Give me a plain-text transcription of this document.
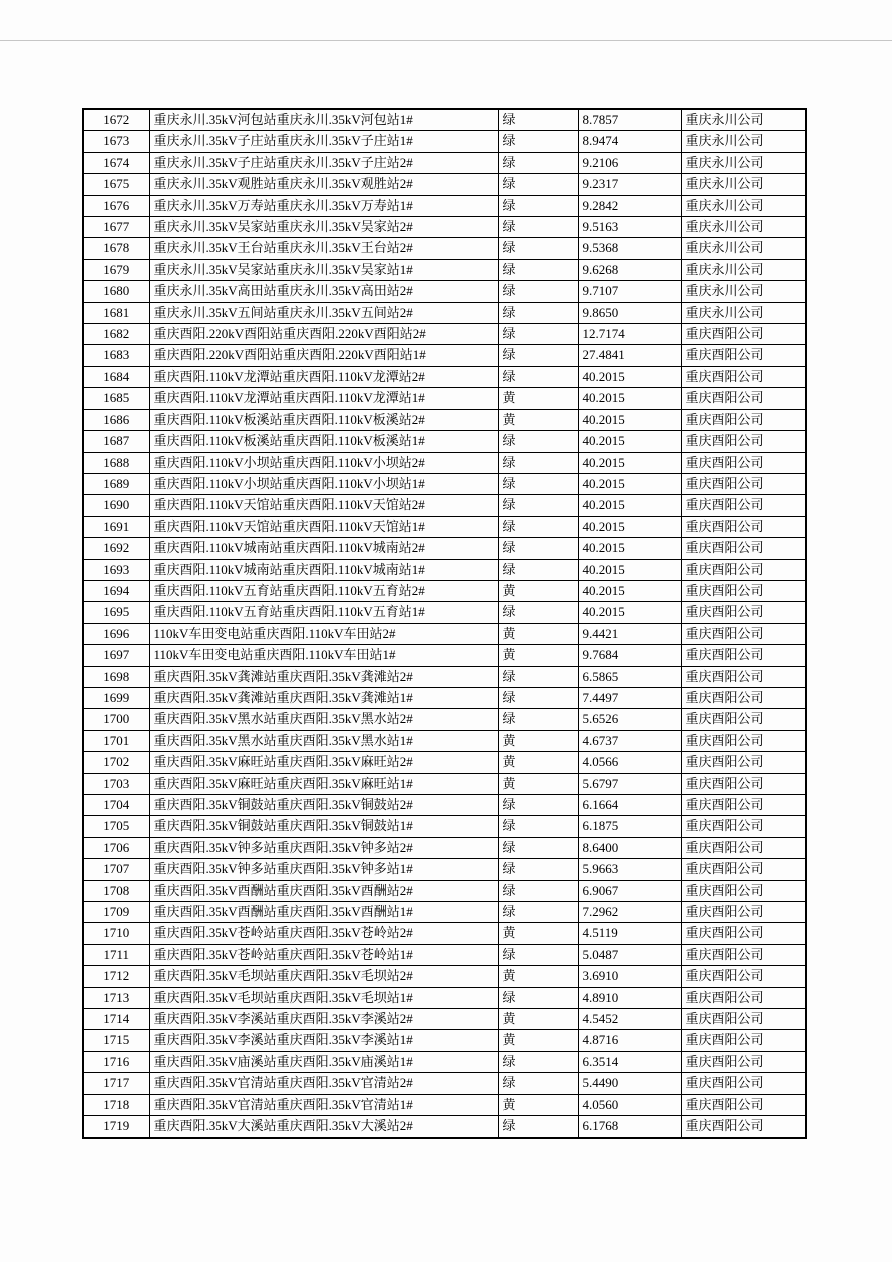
1672	重庆永川.35kV河包站重庆永川.35kV河包站1#	绿	8.7857	重庆永川公司
1673	重庆永川.35kV子庄站重庆永川.35kV子庄站1#	绿	8.9474	重庆永川公司
1674	重庆永川.35kV子庄站重庆永川.35kV子庄站2#	绿	9.2106	重庆永川公司
1675	重庆永川.35kV观胜站重庆永川.35kV观胜站2#	绿	9.2317	重庆永川公司
1676	重庆永川.35kV万寿站重庆永川.35kV万寿站1#	绿	9.2842	重庆永川公司
1677	重庆永川.35kV吴家站重庆永川.35kV吴家站2#	绿	9.5163	重庆永川公司
1678	重庆永川.35kV王台站重庆永川.35kV王台站2#	绿	9.5368	重庆永川公司
1679	重庆永川.35kV吴家站重庆永川.35kV吴家站1#	绿	9.6268	重庆永川公司
1680	重庆永川.35kV高田站重庆永川.35kV高田站2#	绿	9.7107	重庆永川公司
1681	重庆永川.35kV五间站重庆永川.35kV五间站2#	绿	9.8650	重庆永川公司
1682	重庆酉阳.220kV酉阳站重庆酉阳.220kV酉阳站2#	绿	12.7174	重庆酉阳公司
1683	重庆酉阳.220kV酉阳站重庆酉阳.220kV酉阳站1#	绿	27.4841	重庆酉阳公司
1684	重庆酉阳.110kV龙潭站重庆酉阳.110kV龙潭站2#	绿	40.2015	重庆酉阳公司
1685	重庆酉阳.110kV龙潭站重庆酉阳.110kV龙潭站1#	黄	40.2015	重庆酉阳公司
1686	重庆酉阳.110kV板溪站重庆酉阳.110kV板溪站2#	黄	40.2015	重庆酉阳公司
1687	重庆酉阳.110kV板溪站重庆酉阳.110kV板溪站1#	绿	40.2015	重庆酉阳公司
1688	重庆酉阳.110kV小坝站重庆酉阳.110kV小坝站2#	绿	40.2015	重庆酉阳公司
1689	重庆酉阳.110kV小坝站重庆酉阳.110kV小坝站1#	绿	40.2015	重庆酉阳公司
1690	重庆酉阳.110kV天馆站重庆酉阳.110kV天馆站2#	绿	40.2015	重庆酉阳公司
1691	重庆酉阳.110kV天馆站重庆酉阳.110kV天馆站1#	绿	40.2015	重庆酉阳公司
1692	重庆酉阳.110kV城南站重庆酉阳.110kV城南站2#	绿	40.2015	重庆酉阳公司
1693	重庆酉阳.110kV城南站重庆酉阳.110kV城南站1#	绿	40.2015	重庆酉阳公司
1694	重庆酉阳.110kV五育站重庆酉阳.110kV五育站2#	黄	40.2015	重庆酉阳公司
1695	重庆酉阳.110kV五育站重庆酉阳.110kV五育站1#	绿	40.2015	重庆酉阳公司
1696	110kV车田变电站重庆酉阳.110kV车田站2#	黄	9.4421	重庆酉阳公司
1697	110kV车田变电站重庆酉阳.110kV车田站1#	黄	9.7684	重庆酉阳公司
1698	重庆酉阳.35kV龚滩站重庆酉阳.35kV龚滩站2#	绿	6.5865	重庆酉阳公司
1699	重庆酉阳.35kV龚滩站重庆酉阳.35kV龚滩站1#	绿	7.4497	重庆酉阳公司
1700	重庆酉阳.35kV黑水站重庆酉阳.35kV黑水站2#	绿	5.6526	重庆酉阳公司
1701	重庆酉阳.35kV黑水站重庆酉阳.35kV黑水站1#	黄	4.6737	重庆酉阳公司
1702	重庆酉阳.35kV麻旺站重庆酉阳.35kV麻旺站2#	黄	4.0566	重庆酉阳公司
1703	重庆酉阳.35kV麻旺站重庆酉阳.35kV麻旺站1#	黄	5.6797	重庆酉阳公司
1704	重庆酉阳.35kV铜鼓站重庆酉阳.35kV铜鼓站2#	绿	6.1664	重庆酉阳公司
1705	重庆酉阳.35kV铜鼓站重庆酉阳.35kV铜鼓站1#	绿	6.1875	重庆酉阳公司
1706	重庆酉阳.35kV钟多站重庆酉阳.35kV钟多站2#	绿	8.6400	重庆酉阳公司
1707	重庆酉阳.35kV钟多站重庆酉阳.35kV钟多站1#	绿	5.9663	重庆酉阳公司
1708	重庆酉阳.35kV酉酬站重庆酉阳.35kV酉酬站2#	绿	6.9067	重庆酉阳公司
1709	重庆酉阳.35kV酉酬站重庆酉阳.35kV酉酬站1#	绿	7.2962	重庆酉阳公司
1710	重庆酉阳.35kV苍岭站重庆酉阳.35kV苍岭站2#	黄	4.5119	重庆酉阳公司
1711	重庆酉阳.35kV苍岭站重庆酉阳.35kV苍岭站1#	绿	5.0487	重庆酉阳公司
1712	重庆酉阳.35kV毛坝站重庆酉阳.35kV毛坝站2#	黄	3.6910	重庆酉阳公司
1713	重庆酉阳.35kV毛坝站重庆酉阳.35kV毛坝站1#	绿	4.8910	重庆酉阳公司
1714	重庆酉阳.35kV李溪站重庆酉阳.35kV李溪站2#	黄	4.5452	重庆酉阳公司
1715	重庆酉阳.35kV李溪站重庆酉阳.35kV李溪站1#	黄	4.8716	重庆酉阳公司
1716	重庆酉阳.35kV庙溪站重庆酉阳.35kV庙溪站1#	绿	6.3514	重庆酉阳公司
1717	重庆酉阳.35kV官清站重庆酉阳.35kV官清站2#	绿	5.4490	重庆酉阳公司
1718	重庆酉阳.35kV官清站重庆酉阳.35kV官清站1#	黄	4.0560	重庆酉阳公司
1719	重庆酉阳.35kV大溪站重庆酉阳.35kV大溪站2#	绿	6.1768	重庆酉阳公司
